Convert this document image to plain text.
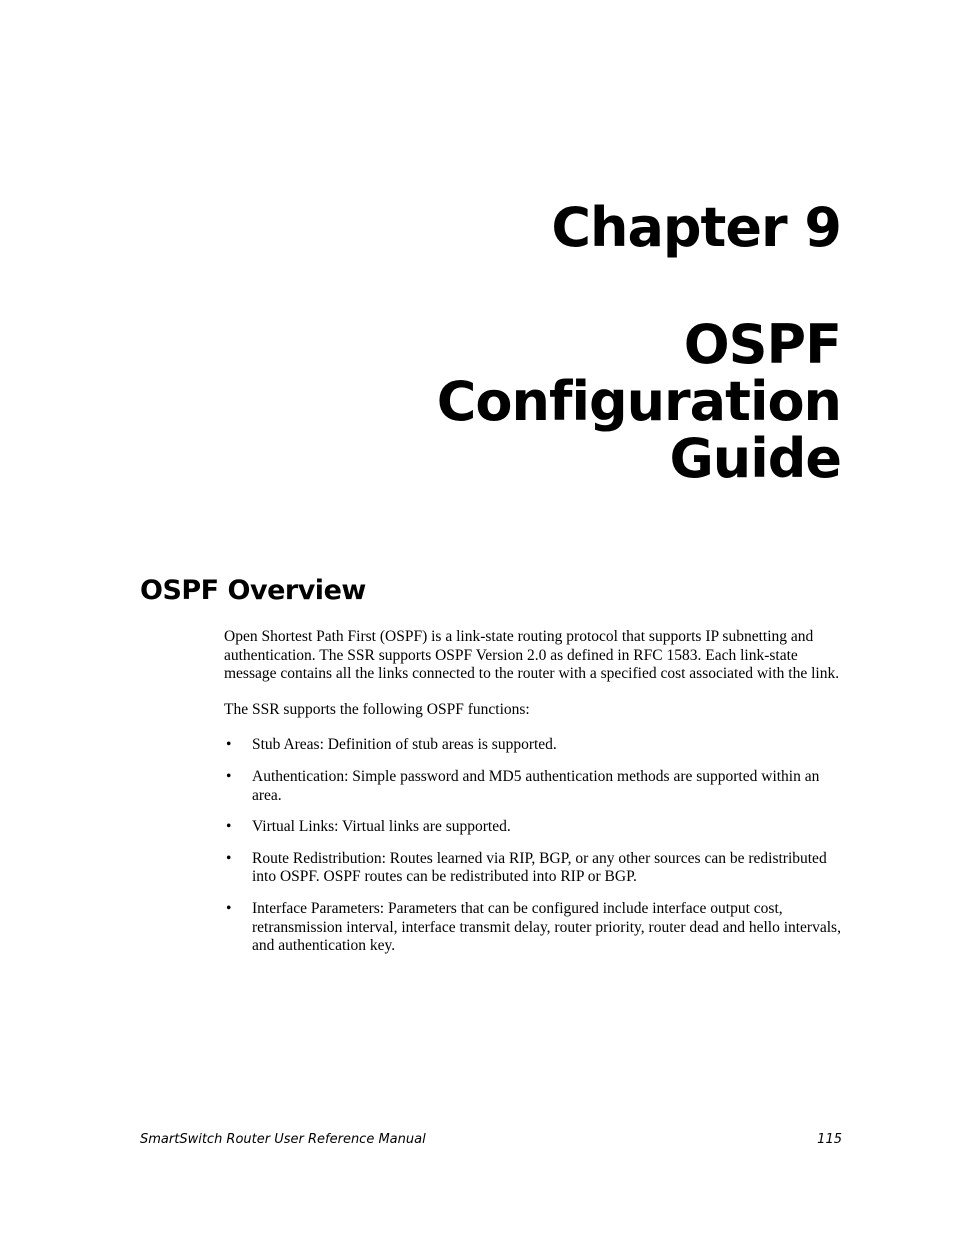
Chapter 9
OSPF
Configuration
Guide
OSPF Overview

Open Shortest Path First (OSPF) is a link-state routing protocol that supports IP subnetting and authentication. The SSR supports OSPF Version 2.0 as defined in RFC 1583. Each link-state message contains all the links connected to the router with a specified cost associated with the link.

The SSR supports the following OSPF functions:

• Stub Areas: Definition of stub areas is supported.
• Authentication: Simple password and MD5 authentication methods are supported within an area.
• Virtual Links: Virtual links are supported.
• Route Redistribution: Routes learned via RIP, BGP, or any other sources can be redistributed into OSPF. OSPF routes can be redistributed into RIP or BGP.
• Interface Parameters: Parameters that can be configured include interface output cost, retransmission interval, interface transmit delay, router priority, router dead and hello intervals, and authentication key.
SmartSwitch Router User Reference Manual	115
